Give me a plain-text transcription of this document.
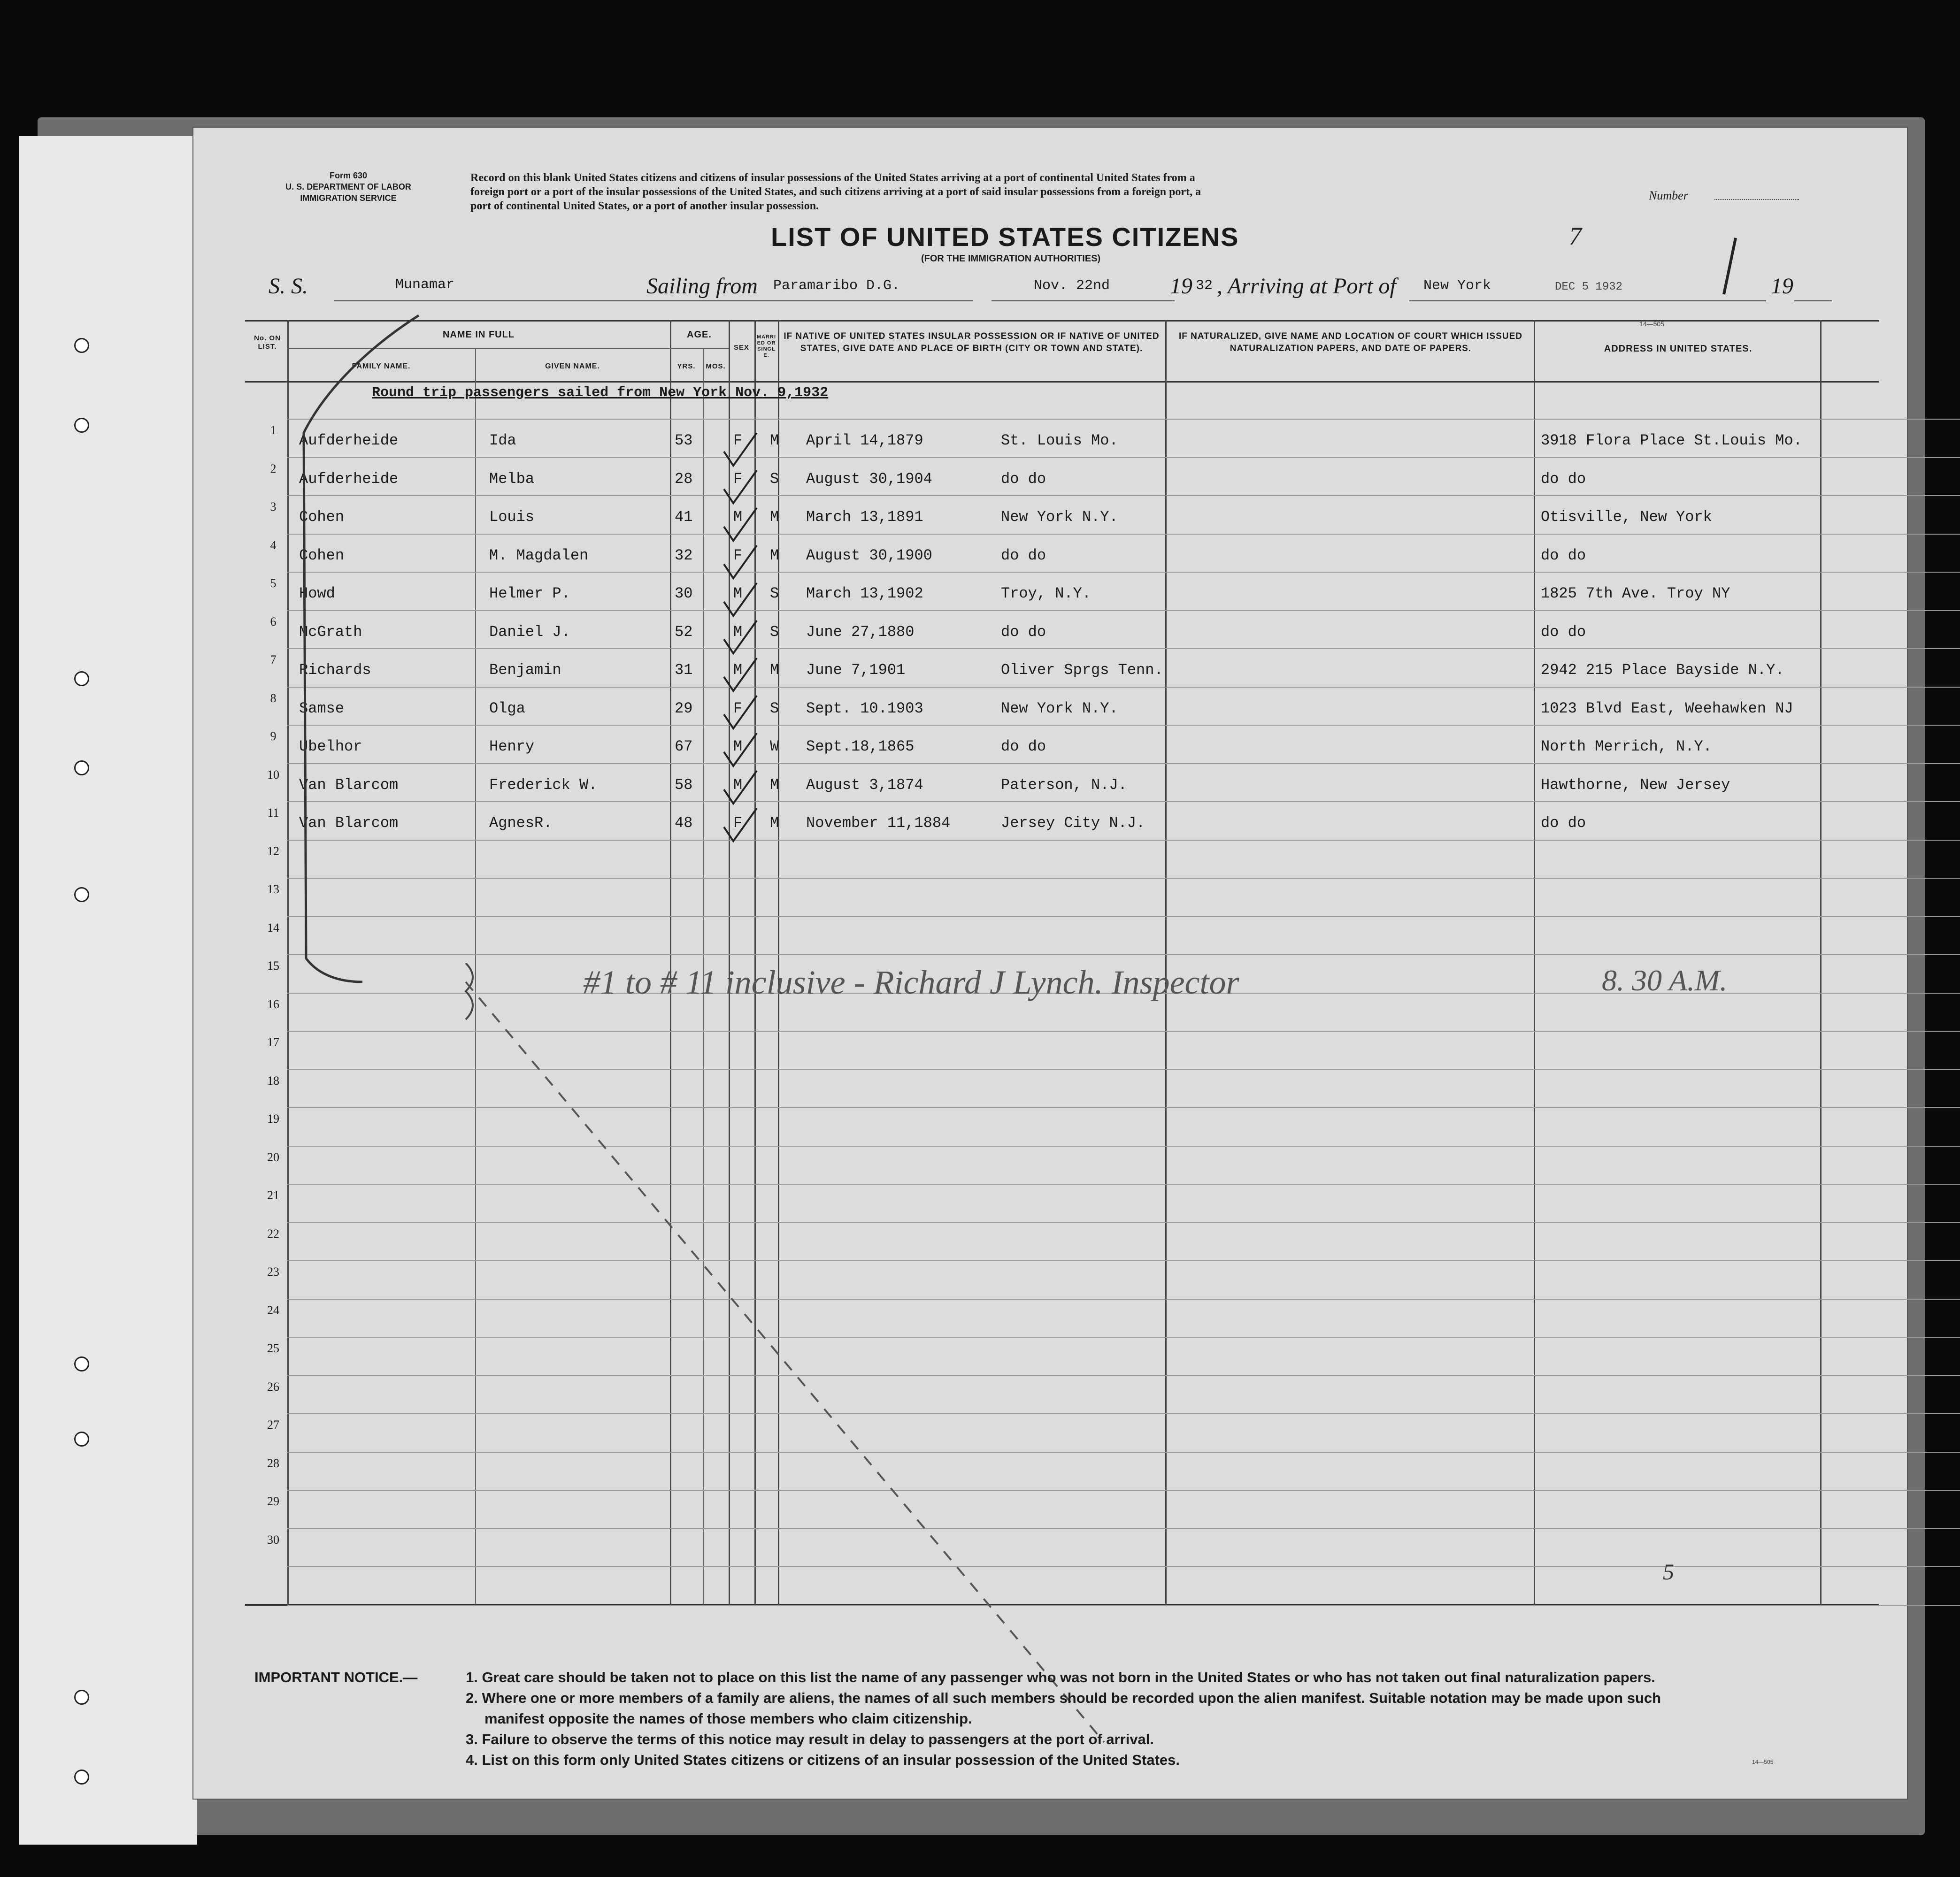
Form 630
U. S. DEPARTMENT OF LABOR
IMMIGRATION SERVICE
Record on this blank United States citizens and citizens of insular possessions of the United States arriving at a port of continental United States from a
foreign port or a port of the insular possessions of the United States, and such citizens arriving at a port of said insular possessions from a foreign port, a
port of continental United States, or a port of another insular possession.
Number
LIST OF UNITED STATES CITIZENS
(FOR THE IMMIGRATION AUTHORITIES)
7
S. S.	Munamar	Sailing from Paramaribo D.G.	Nov. 22nd	19 32 , Arriving at Port of New York	DEC 5 1932	19
No. ON LIST.
NAME IN FULL
FAMILY NAME.	GIVEN NAME.
AGE.
YRS.	MOS.
SEX
MARRIED OR SINGLE.
IF NATIVE OF UNITED STATES INSULAR POSSESSION OR IF NATIVE OF UNITED STATES, GIVE DATE AND PLACE OF BIRTH (CITY OR TOWN AND STATE).
IF NATURALIZED, GIVE NAME AND LOCATION OF COURT WHICH ISSUED NATURALIZATION PAPERS, AND DATE OF PAPERS.	ADDRESS IN UNITED STATES.
Round trip passengers sailed from New York Nov. 9,1932
1
Aufderheide	Ida	53	F M April 14,1879	St. Louis Mo.	3918 Flora Place St.Louis Mo.
2
Aufderheide	Melba	28	F S August 30,1904	do do	do do
3
Cohen	Louis	41	M M March 13,1891	New York N.Y.	Otisville, New York
4
Cohen	M. Magdalen	32	F M August 30,1900	do do	do do
5
Howd	Helmer P.	30	M S March 13,1902	Troy, N.Y.	1825 7th Ave. Troy NY
6
McGrath	Daniel J.	52	M S June 27,1880	do do	do do
7
Richards	Benjamin	31	M M June 7,1901	Oliver Sprgs Tenn.	2942 215 Place Bayside N.Y.
8
Samse	Olga	29	F S Sept. 10.1903	New York N.Y.	1023 Blvd East, Weehawken NJ
9
Ubelhor	Henry	67	M W Sept.18,1865	do do	North Merrich, N.Y.
10
Van Blarcom	Frederick W.	58	M M August 3,1874	Paterson, N.J.	Hawthorne, New Jersey
11
Van Blarcom	AgnesR.	48	F M November 11,1884	Jersey City N.J.	do do
12
13
14
15
16
17
18
19
20
21
22
23
24
25
26
27
28
29
30
#1 to # 11 inclusive - Richard J Lynch. Inspector	8. 30 A.M.
5
14—505
IMPORTANT NOTICE.—	1. Great care should be taken not to place on this list the name of any passenger who was not born in the United States or who has not taken out final naturalization papers.
2. Where one or more members of a family are aliens, the names of all such members should be recorded upon the alien manifest. Suitable notation may be made upon such
manifest opposite the names of those members who claim citizenship.
3. Failure to observe the terms of this notice may result in delay to passengers at the port of arrival.
4. List on this form only United States citizens or citizens of an insular possession of the United States.	14—505
